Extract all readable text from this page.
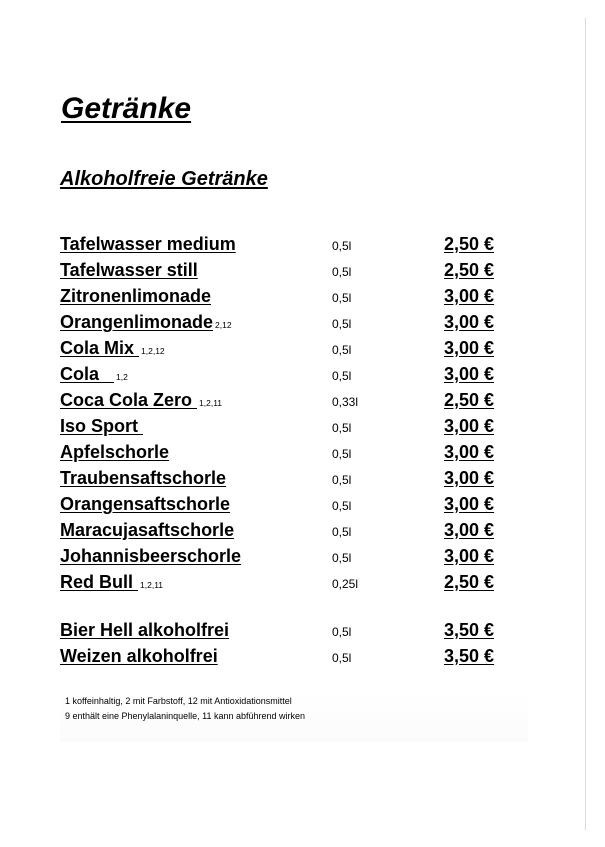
Getränke
Alkoholfreie Getränke
Tafelwasser medium	0,5l	2,50 €
Tafelwasser still	0,5l	2,50 €
Zitronenlimonade	0,5l	3,00 €
Orangenlimonade 2,12	0,5l	3,00 €
Cola Mix 1,2,12	0,5l	3,00 €
Cola   1,2	0,5l	3,00 €
Coca Cola Zero 1,2,11	0,33l	2,50 €
Iso Sport	0,5l	3,00 €
Apfelschorle	0,5l	3,00 €
Traubensaftschorle	0,5l	3,00 €
Orangensaftschorle	0,5l	3,00 €
Maracujasaftschorle	0,5l	3,00 €
Johannisbeerschorle	0,5l	3,00 €
Red Bull 1,2,11	0,25l	2,50 €
Bier Hell alkoholfrei	0,5l	3,50 €
Weizen alkoholfrei	0,5l	3,50 €
1 koffeinhaltig, 2 mit Farbstoff, 12 mit Antioxidationsmittel
9 enthält eine Phenylalaninquelle, 11 kann abführend wirken
